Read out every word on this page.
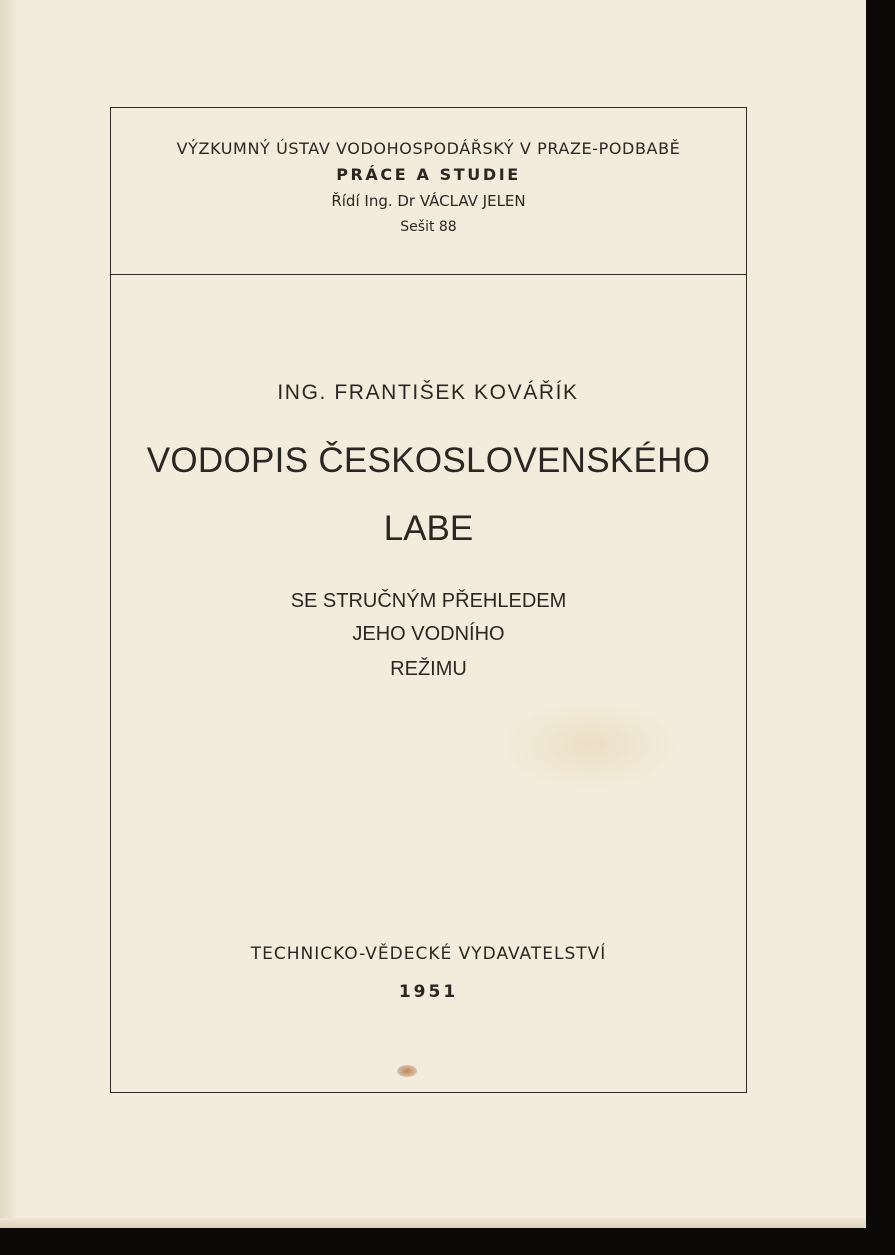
VÝZKUMNÝ ÚSTAV VODOHOSPODÁŘSKÝ V PRAZE-PODBABĚ

PRÁCE A STUDIE

Řídí Ing. Dr VÁCLAV JELEN

Sešit 88

ING. FRANTIŠEK KOVÁŘÍK

VODOPIS ČESKOSLOVENSKÉHO

LABE

SE STRUČNÝM PŘEHLEDEM

JEHO VODNÍHO

REŽIMU

TECHNICKO-VĚDECKÉ VYDAVATELSTVÍ

1951
